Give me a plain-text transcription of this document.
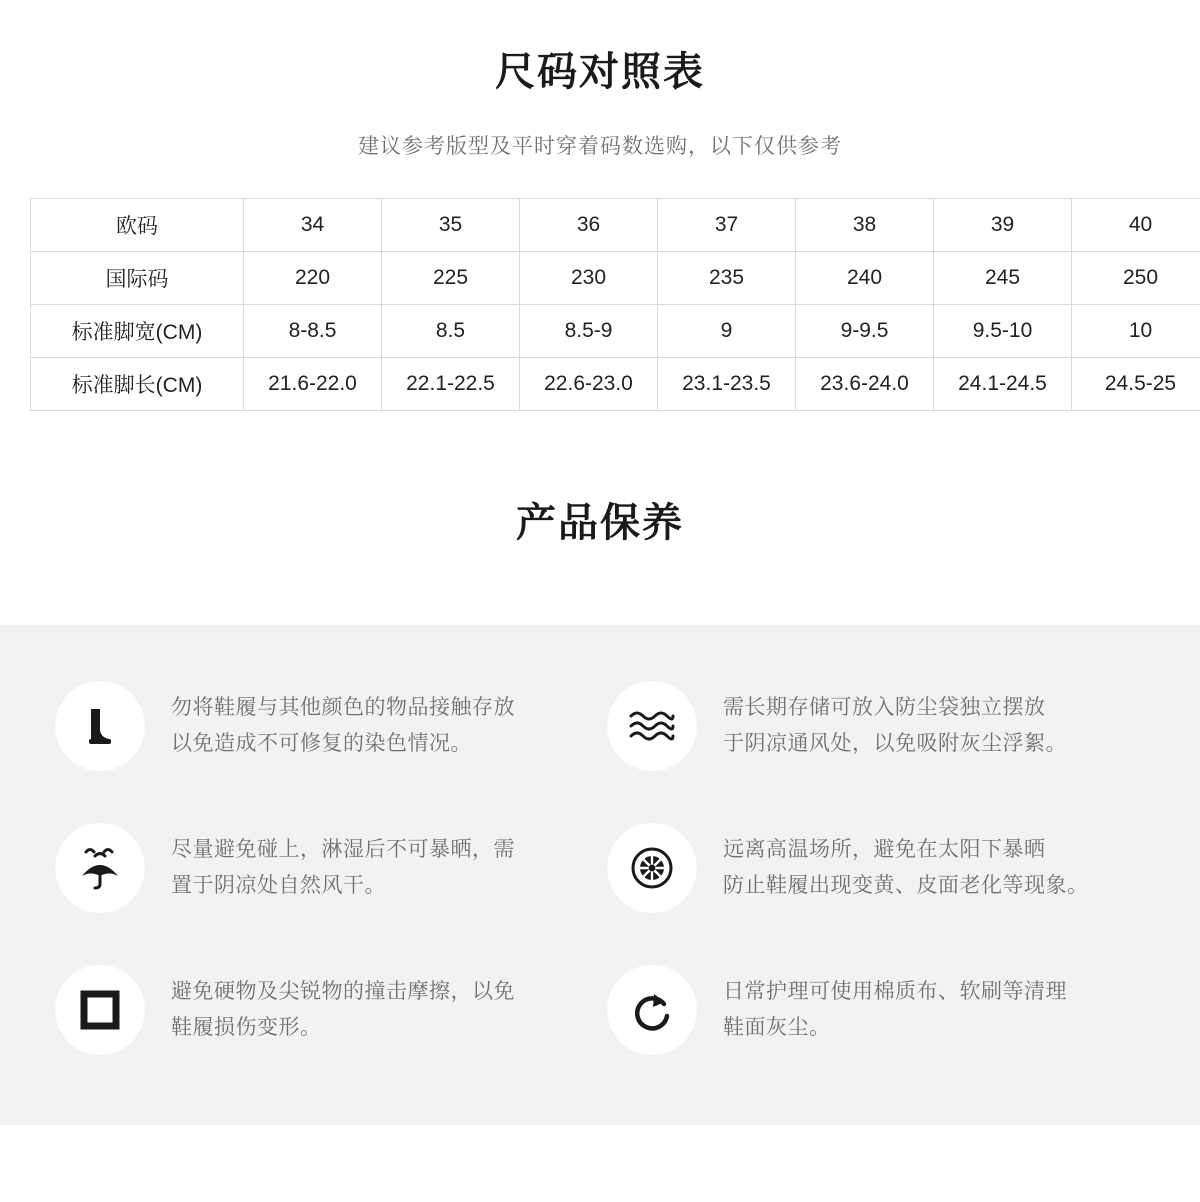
尺码对照表
建议参考版型及平时穿着码数选购，以下仅供参考
欧码	34	35	36	37	38	39	40
国际码	220	225	230	235	240	245	250
标准脚宽(CM)	8-8.5	8.5	8.5-9	9	9-9.5	9.5-10	10
标准脚长(CM)	21.6-22.0	22.1-22.5	22.6-23.0	23.1-23.5	23.6-24.0	24.1-24.5	24.5-25
产品保养
勿将鞋履与其他颜色的物品接触存放
以免造成不可修复的染色情况。
需长期存储可放入防尘袋独立摆放
于阴凉通风处，以免吸附灰尘浮絮。
尽量避免碰上，淋湿后不可暴晒，需
置于阴凉处自然风干。
远离高温场所，避免在太阳下暴晒
防止鞋履出现变黄、皮面老化等现象。
避免硬物及尖锐物的撞击摩擦，以免
鞋履损伤变形。
日常护理可使用棉质布、软刷等清理
鞋面灰尘。
